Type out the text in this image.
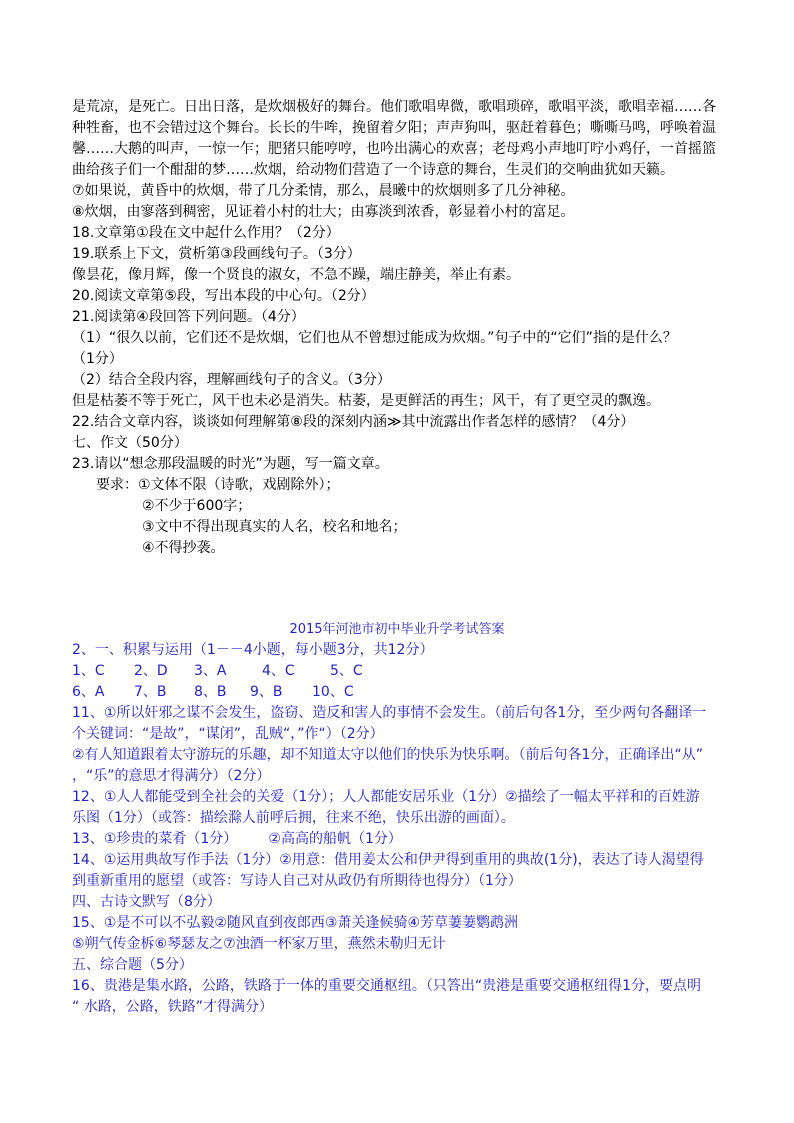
是荒凉，是死亡。日出日落，是炊烟极好的舞台。他们歌唱卑微，歌唱琐碎，歌唱平淡，歌唱幸福……各
种牲畜，也不会错过这个舞台。长长的牛哞，挽留着夕阳；声声狗叫，驱赶着暮色；嘶嘶马鸣，呼唤着温
馨……大鹅的叫声，一惊一乍；肥猪只能哼哼，也吟出满心的欢喜；老母鸡小声地叮咛小鸡仔，一首摇篮
曲给孩子们一个酣甜的梦……炊烟，给动物们营造了一个诗意的舞台，生灵们的交响曲犹如天籁。
⑦如果说，黄昏中的炊烟，带了几分柔情，那么，晨曦中的炊烟则多了几分神秘。
⑧炊烟，由寥落到稠密，见证着小村的壮大；由寡淡到浓香，彰显着小村的富足。
18.文章第①段在文中起什么作用？（2分）
19.联系上下文，赏析第③段画线句子。（3分）
像昙花，像月辉，像一个贤良的淑女，不急不躁，端庄静美，举止有素。
20.阅读文章第⑤段，写出本段的中心句。（2分）
21.阅读第④段回答下列问题。（4分）
（1）“很久以前，它们还不是炊烟，它们也从不曾想过能成为炊烟。”句子中的“它们”指的是什么？
（1分）
（2）结合全段内容，理解画线句子的含义。（3分）
但是枯萎不等于死亡，风干也未必是消失。枯萎，是更鲜活的再生；风干，有了更空灵的飘逸。
22.结合文章内容，谈谈如何理解第⑧段的深刻内涵≫其中流露出作者怎样的感情？（4分）
七、作文（50分）
23.请以“想念那段温暖的时光”为题，写一篇文章。
要求：①文体不限（诗歌，戏剧除外）；
②不少于600字；
③文中不得出现真实的人名，校名和地名；
④不得抄袭。
2015年河池市初中毕业升学考试答案
2、一、积累与运用（1－－4小题，每小题3分，共12分）
1、C 2、D 3、A	4、C	5、C
6、A 7、B 8、B 9、B 10、C
11、①所以奸邪之谋不会发生，盗窃、造反和害人的事情不会发生。（前后句各1分，至少两句各翻译一
个关键词：“是故”，“谋闭”，乱贼“，”作“）（2分）
②有人知道跟着太守游玩的乐趣，却不知道太守以他们的快乐为快乐啊。（前后句各1分，正确译出“从”
，“乐”的意思才得满分）（2分）
12、①人人都能受到全社会的关爱（1分）；人人都能安居乐业（1分）②描绘了一幅太平祥和的百姓游
乐图（1分）（或答：描绘滁人前呼后拥，往来不绝，快乐出游的画面）。
13、①珍贵的菜肴（1分）       ②高高的船帆（1分）
14、①运用典故写作手法（1分）②用意：借用姜太公和伊尹得到重用的典故(1分)，表达了诗人渴望得
到重新重用的愿望（或答：写诗人自己对从政仍有所期待也得分）（1分）
四、古诗文默写（8分）
15、①是不可以不弘毅②随风直到夜郎西③萧关逢候骑④芳草萋萋鹦鹉洲
⑤朔气传金柝⑥琴瑟友之⑦浊酒一杯家万里，燕然未勒归无计
五、综合题（5分）
16、贵港是集水路，公路，铁路于一体的重要交通枢纽。（只答出“贵港是重要交通枢纽得1分，要点明
“ 水路，公路，铁路”才得满分）
